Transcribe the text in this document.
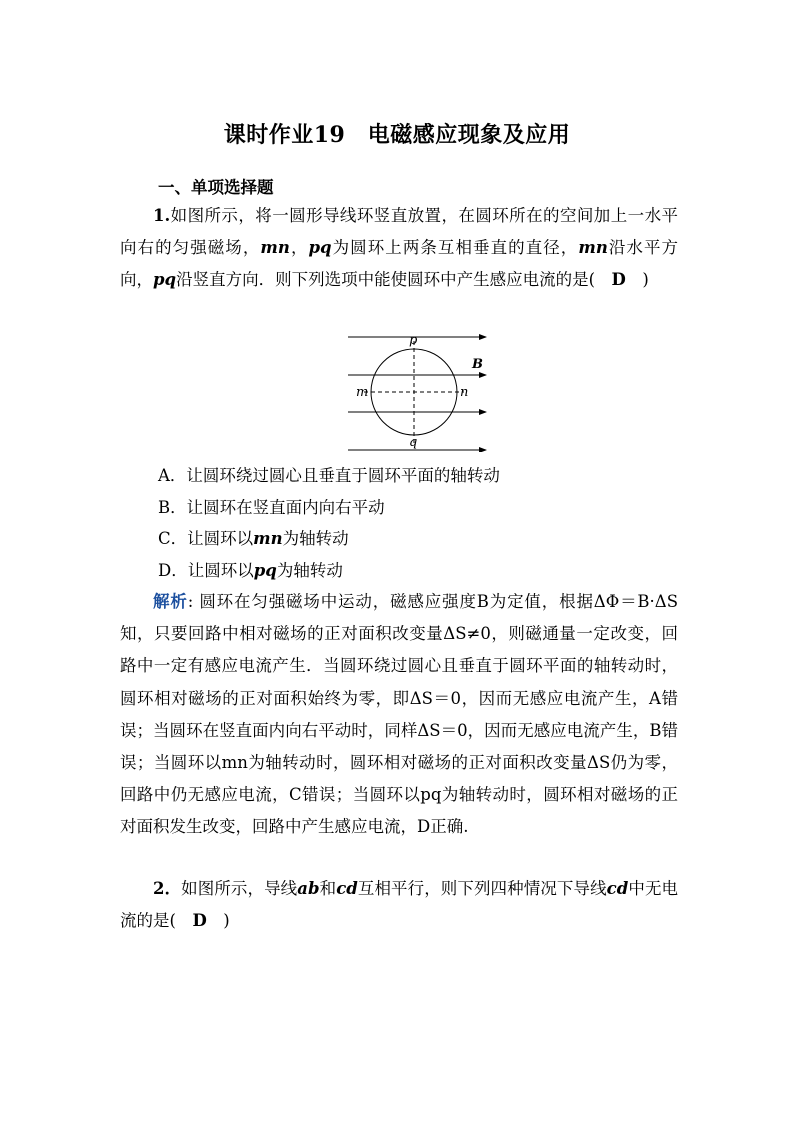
课时作业19　电磁感应现象及应用
一、单项选择题

1.如图所示，将一圆形导线环竖直放置，在圆环所在的空间加上一水平向右的匀强磁场，mn，pq为圆环上两条互相垂直的直径，mn沿水平方向，pq沿竖直方向．则下列选项中能使圆环中产生感应电流的是(　D　)

p
q
m	n
B
A．让圆环绕过圆心且垂直于圆环平面的轴转动
B．让圆环在竖直面内向右平动
C．让圆环以mn为轴转动
D．让圆环以pq为轴转动

解析: 圆环在匀强磁场中运动，磁感应强度B为定值，根据ΔΦ＝B·ΔS知，只要回路中相对磁场的正对面积改变量ΔS≠0，则磁通量一定改变，回路中一定有感应电流产生．当圆环绕过圆心且垂直于圆环平面的轴转动时，圆环相对磁场的正对面积始终为零，即ΔS＝0，因而无感应电流产生，A错误；当圆环在竖直面内向右平动时，同样ΔS＝0，因而无感应电流产生，B错误；当圆环以mn为轴转动时，圆环相对磁场的正对面积改变量ΔS仍为零，回路中仍无感应电流，C错误；当圆环以pq为轴转动时，圆环相对磁场的正对面积发生改变，回路中产生感应电流，D正确.

2．如图所示，导线ab和cd互相平行，则下列四种情况下导线cd中无电流的是(　D　)
